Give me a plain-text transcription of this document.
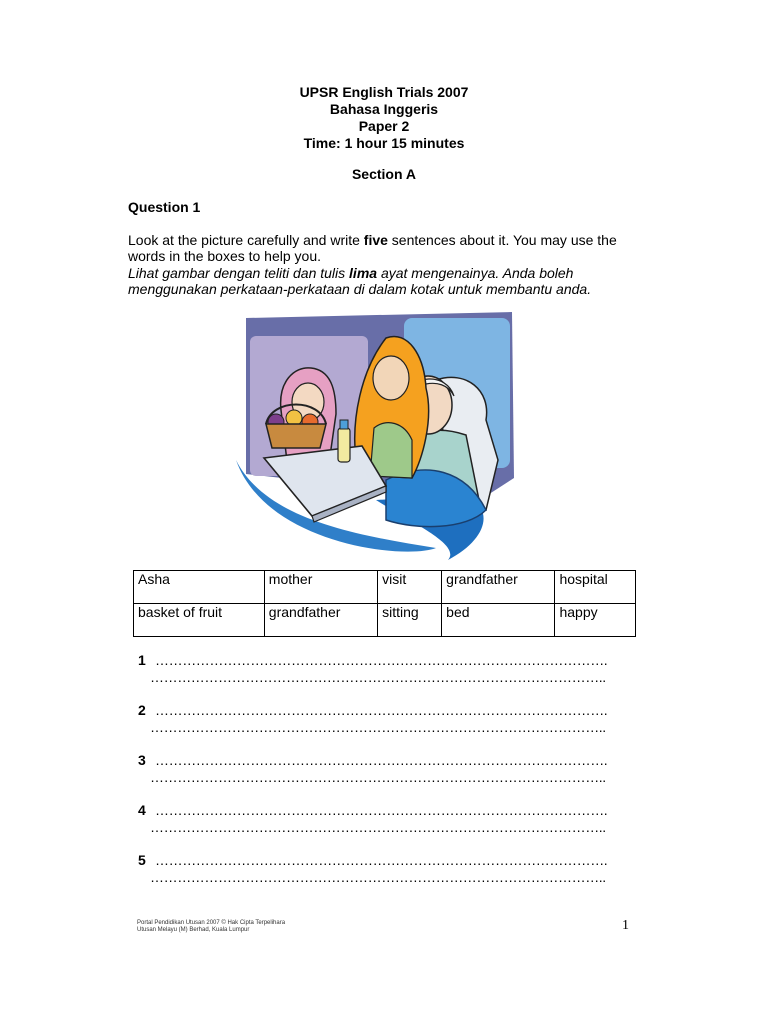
UPSR English Trials 2007
Bahasa Inggeris
Paper 2
Time: 1 hour 15 minutes
Section A
Question 1
Look at the picture carefully and write five sentences about it. You may use the words in the boxes to help you.
Lihat gambar dengan teliti dan tulis lima ayat mengenainya. Anda boleh menggunakan perkataan-perkataan di dalam kotak untuk membantu anda.
Asha	mother	visit	grandfather	hospital
basket of fruit	grandfather	sitting	bed	happy
1 ……………………………………………………………………………………….
………………………………………………………………………………………..
2 ……………………………………………………………………………………….
………………………………………………………………………………………..
3 ……………………………………………………………………………………….
………………………………………………………………………………………..
4 ……………………………………………………………………………………….
………………………………………………………………………………………..
5 ……………………………………………………………………………………….
………………………………………………………………………………………..
Portal Pendidikan Utusan 2007 © Hak Cipta Terpelihara
Utusan Melayu (M) Berhad, Kuala Lumpur	1
